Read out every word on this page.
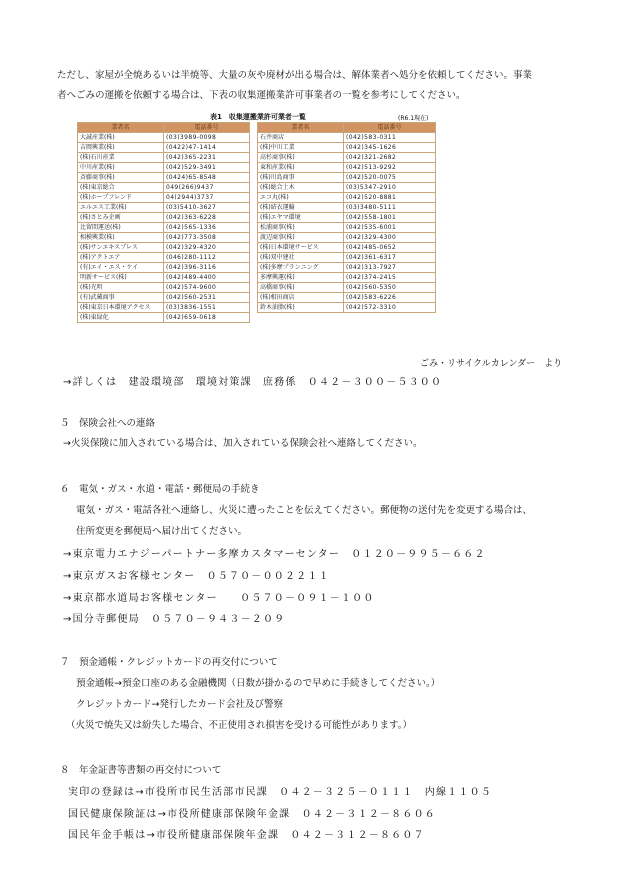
ただし、家屋が全焼あるいは半焼等、大量の灰や廃材が出る場合は、解体業者へ処分を依頼してください。事業
者へごみの運搬を依頼する場合は、下表の収集運搬業許可事業者の一覧を参考にしてください。
表1　収集運搬業許可業者一覧	(R6.1現在)
業者名	電話番号		業者名	電話番号
大誠産業(株)	(03)3989-0098		石井商店	(042)583-0311
吉岡興業(株)	(0422)47-1414		(株)中川工業	(042)345-1626
(株)石川産業	(042)365-2231		高杉商事(株)	(042)321-2682
中川産業(株)	(042)529-3491		東和産業(株)	(042)513-9292
斉藤商事(株)	(0424)65-8548		(株)川島商事	(042)520-0075
(株)東京総合	049(266)9437		(株)総合土木	(03)5347-2910
(株)ホープフレンド	04(2944)3737		エコ丸(株)	(042)520-8881
エルエス工業(株)	(03)5410-3627		(株)結衣運輸	(03)3480-5111
(株)さとみ企画	(042)363-6228		(株)エヤマ環境	(042)558-1801
比留間運送(株)	(042)565-1336		松浦商事(株)	(042)535-6001
相模興業(株)	(042)773-3508		渡辺商事(株)	(042)329-4300
(株)サンエキスプレス	(042)329-4320		(株)日本環境サービス	(042)485-0652
(株)アクトエア	(046)280-1112		(株)双中建社	(042)361-6317
(有)エイ・エス・ケイ	(042)396-3116		(株)多摩プランニング	(042)313-7927
明新サービス(株)	(042)489-4400		多摩興運(株)	(042)374-2415
(株)光明	(042)574-9600		高橋商事(株)	(042)560-5350
(有)武蔵商事	(042)560-2531		(株)相田商店	(042)583-6226
(株)東京日本環境アクセス	(03)3836-1551		鈴木油脂(株)	(042)572-3310
(株)東緑化	(042)659-0618			
ごみ・リサイクルカレンダー　より
→詳しくは　建設環境部　環境対策課　庶務係　０４２－３００－５３００
５　保険会社への連絡
→火災保険に加入されている場合は、加入されている保険会社へ連絡してください。
６　電気・ガス・水道・電話・郵便局の手続き
電気・ガス・電話各社へ連絡し、火災に遭ったことを伝えてください。郵便物の送付先を変更する場合は、
住所変更を郵便局へ届け出てください。
→東京電力エナジーパートナー多摩カスタマーセンター　０１２０－９９５－６６２
→東京ガスお客様センター　０５７０－００２２１１
→東京都水道局お客様センター　　０５７０－０９１－１００
→国分寺郵便局　０５７０－９４３－２０９
７　預金通帳・クレジットカードの再交付について
預金通帳→預金口座のある金融機関（日数が掛かるので早めに手続きしてください。）
クレジットカード→発行したカード会社及び警察
（火災で焼失又は紛失した場合、不正使用され損害を受ける可能性があります。）
８　年金証書等書類の再交付について
実印の登録は→市役所市民生活部市民課　０４２－３２５－０１１１　内線１１０５
国民健康保険証は→市役所健康部保険年金課　０４２－３１２－８６０６
国民年金手帳は→市役所健康部保険年金課　０４２－３１２－８６０７
